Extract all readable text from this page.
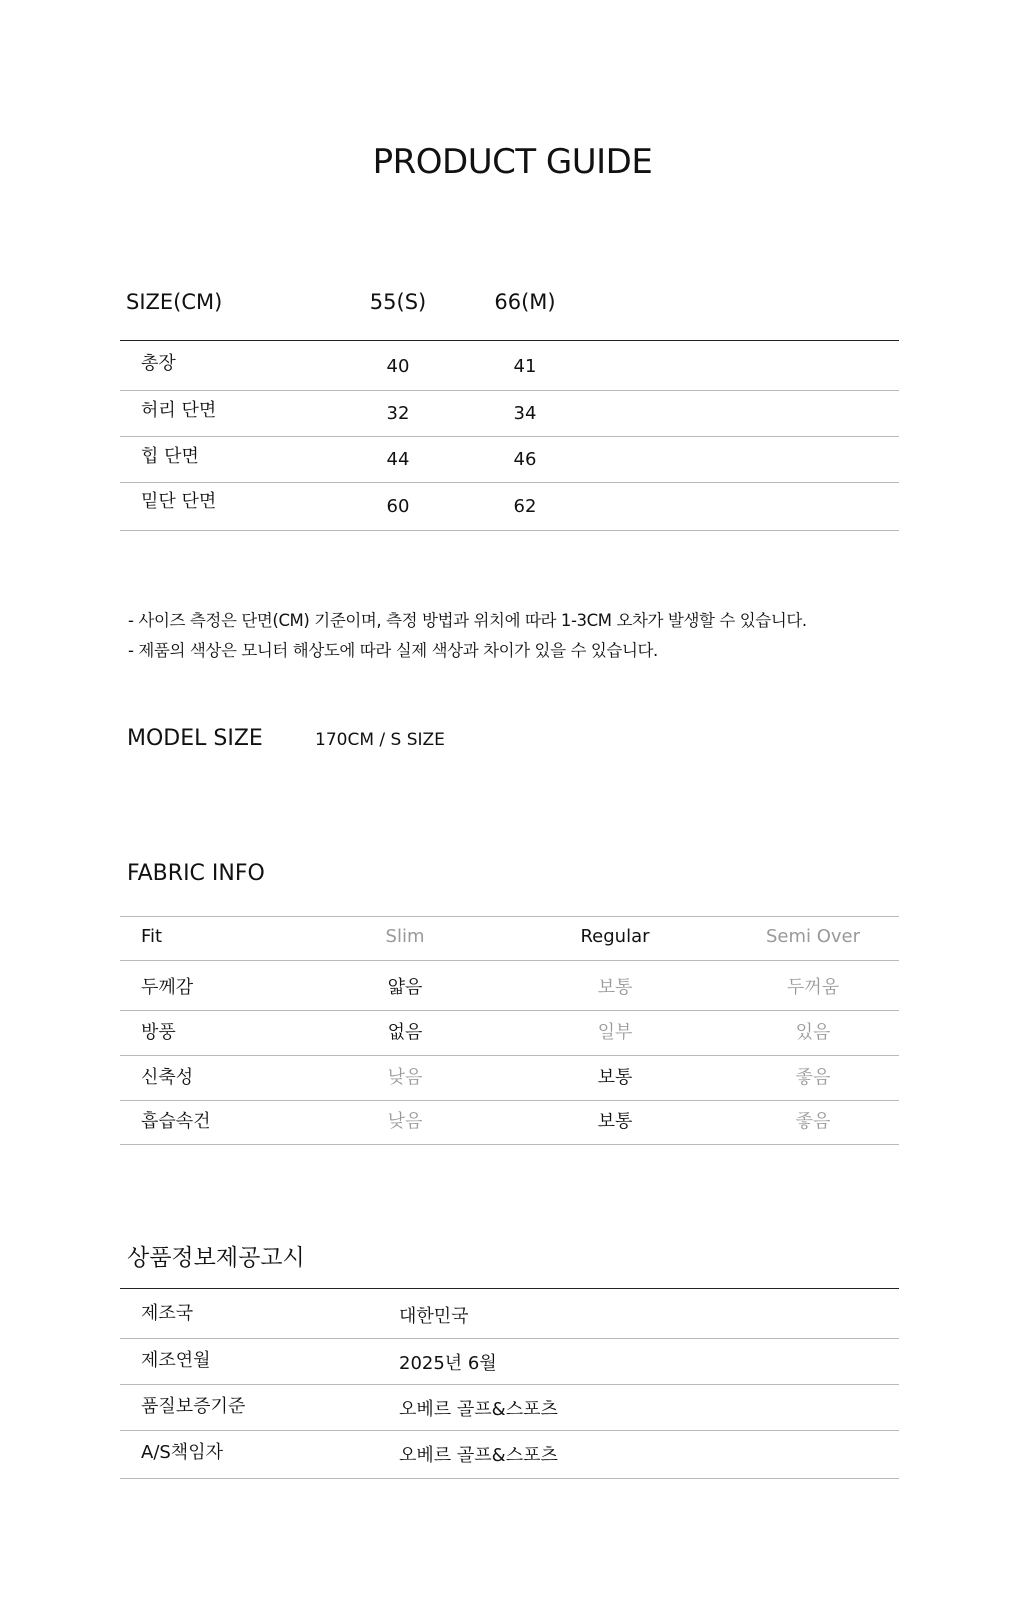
PRODUCT GUIDE
SIZE(CM)	55(S)	66(M)
총장	40	41
허리 단면	32	34
힙 단면	44	46
밑단 단면	60	62
- 사이즈 측정은 단면(CM) 기준이며, 측정 방법과 위치에 따라 1-3CM 오차가 발생할 수 있습니다.
- 제품의 색상은 모니터 해상도에 따라 실제 색상과 차이가 있을 수 있습니다.
MODEL SIZE	170CM / S SIZE
FABRIC INFO
Fit	Slim	Regular	Semi Over
두께감	얇음	보통	두꺼움
방풍	없음	일부	있음
신축성	낮음	보통	좋음
흡습속건	낮음	보통	좋음
상품정보제공고시
제조국	대한민국
제조연월	2025년 6월
품질보증기준	오베르 골프&스포츠
A/S책임자	오베르 골프&스포츠
